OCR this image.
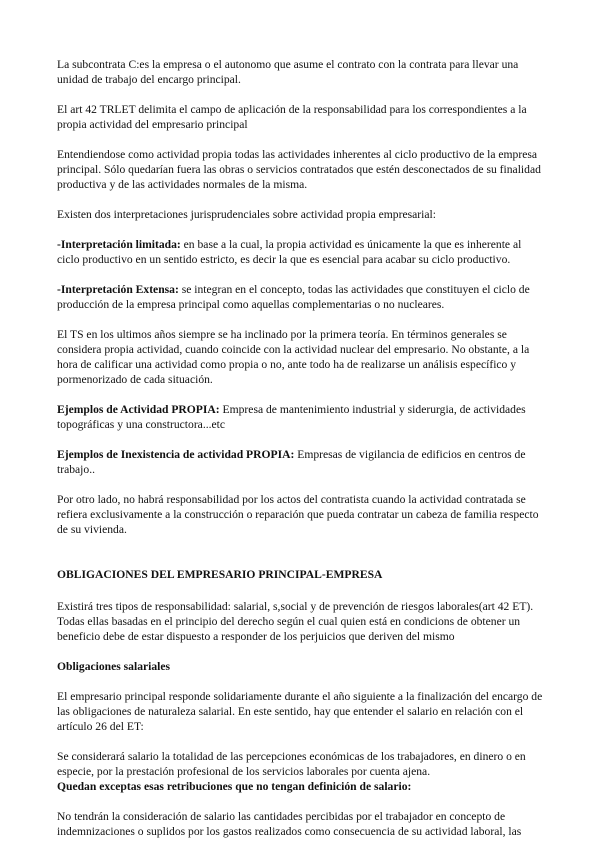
La subcontrata C:es la empresa o el autonomo que asume el contrato con la contrata para llevar una unidad de trabajo del encargo principal.

El art 42 TRLET delimita el campo de aplicación de la responsabilidad para los correspondientes a la propia actividad del empresario principal

Entendiendose como actividad propia todas las actividades inherentes al ciclo productivo de la empresa principal. Sólo quedarían fuera las obras o servicios contratados que estén desconectados de su finalidad productiva y de las actividades normales de la misma.

Existen dos interpretaciones jurisprudenciales sobre actividad propia empresarial:

-Interpretación limitada: en base a la cual, la propia actividad es únicamente la que es inherente al ciclo productivo en un sentido estricto, es decir la que es esencial para acabar su ciclo productivo.

-Interpretación Extensa: se integran en el concepto, todas las actividades que constituyen el ciclo de producción de la empresa principal como aquellas complementarias o no nucleares.

El TS en los ultimos años siempre se ha inclinado por la primera teoría. En términos generales se considera propia actividad, cuando coincide con la actividad nuclear del empresario. No obstante, a la hora de calificar una actividad como propia o no, ante todo ha de realizarse un análisis específico y pormenorizado de cada situación.

Ejemplos de Actividad PROPIA: Empresa de mantenimiento industrial y siderurgia, de actividades topográficas y una constructora...etc

Ejemplos de Inexistencia de actividad PROPIA: Empresas de vigilancia de edificios en centros de trabajo..

Por otro lado, no habrá responsabilidad por los actos del contratista cuando la actividad contratada se refiera exclusivamente a la construcción o reparación que pueda contratar un cabeza de familia respecto de su vivienda.

OBLIGACIONES DEL EMPRESARIO PRINCIPAL-EMPRESA

Existirá tres tipos de responsabilidad: salarial, s,social y de prevención de riesgos laborales(art 42 ET). Todas ellas basadas en el principio del derecho según el cual quien está en condicions de obtener un beneficio debe de estar dispuesto a responder de los perjuicios que deriven del mismo

Obligaciones salariales

El empresario principal responde solidariamente durante el año siguiente a la finalización del encargo de las obligaciones de naturaleza salarial. En este sentido, hay que entender el salario en relación con el artículo 26 del ET:

Se considerará salario la totalidad de las percepciones económicas de los trabajadores, en dinero o en especie, por la prestación profesional de los servicios laborales por cuenta ajena.

Quedan exceptas esas retribuciones que no tengan definición de salario:

No tendrán la consideración de salario las cantidades percibidas por el trabajador en concepto de indemnizaciones o suplidos por los gastos realizados como consecuencia de su actividad laboral, las
